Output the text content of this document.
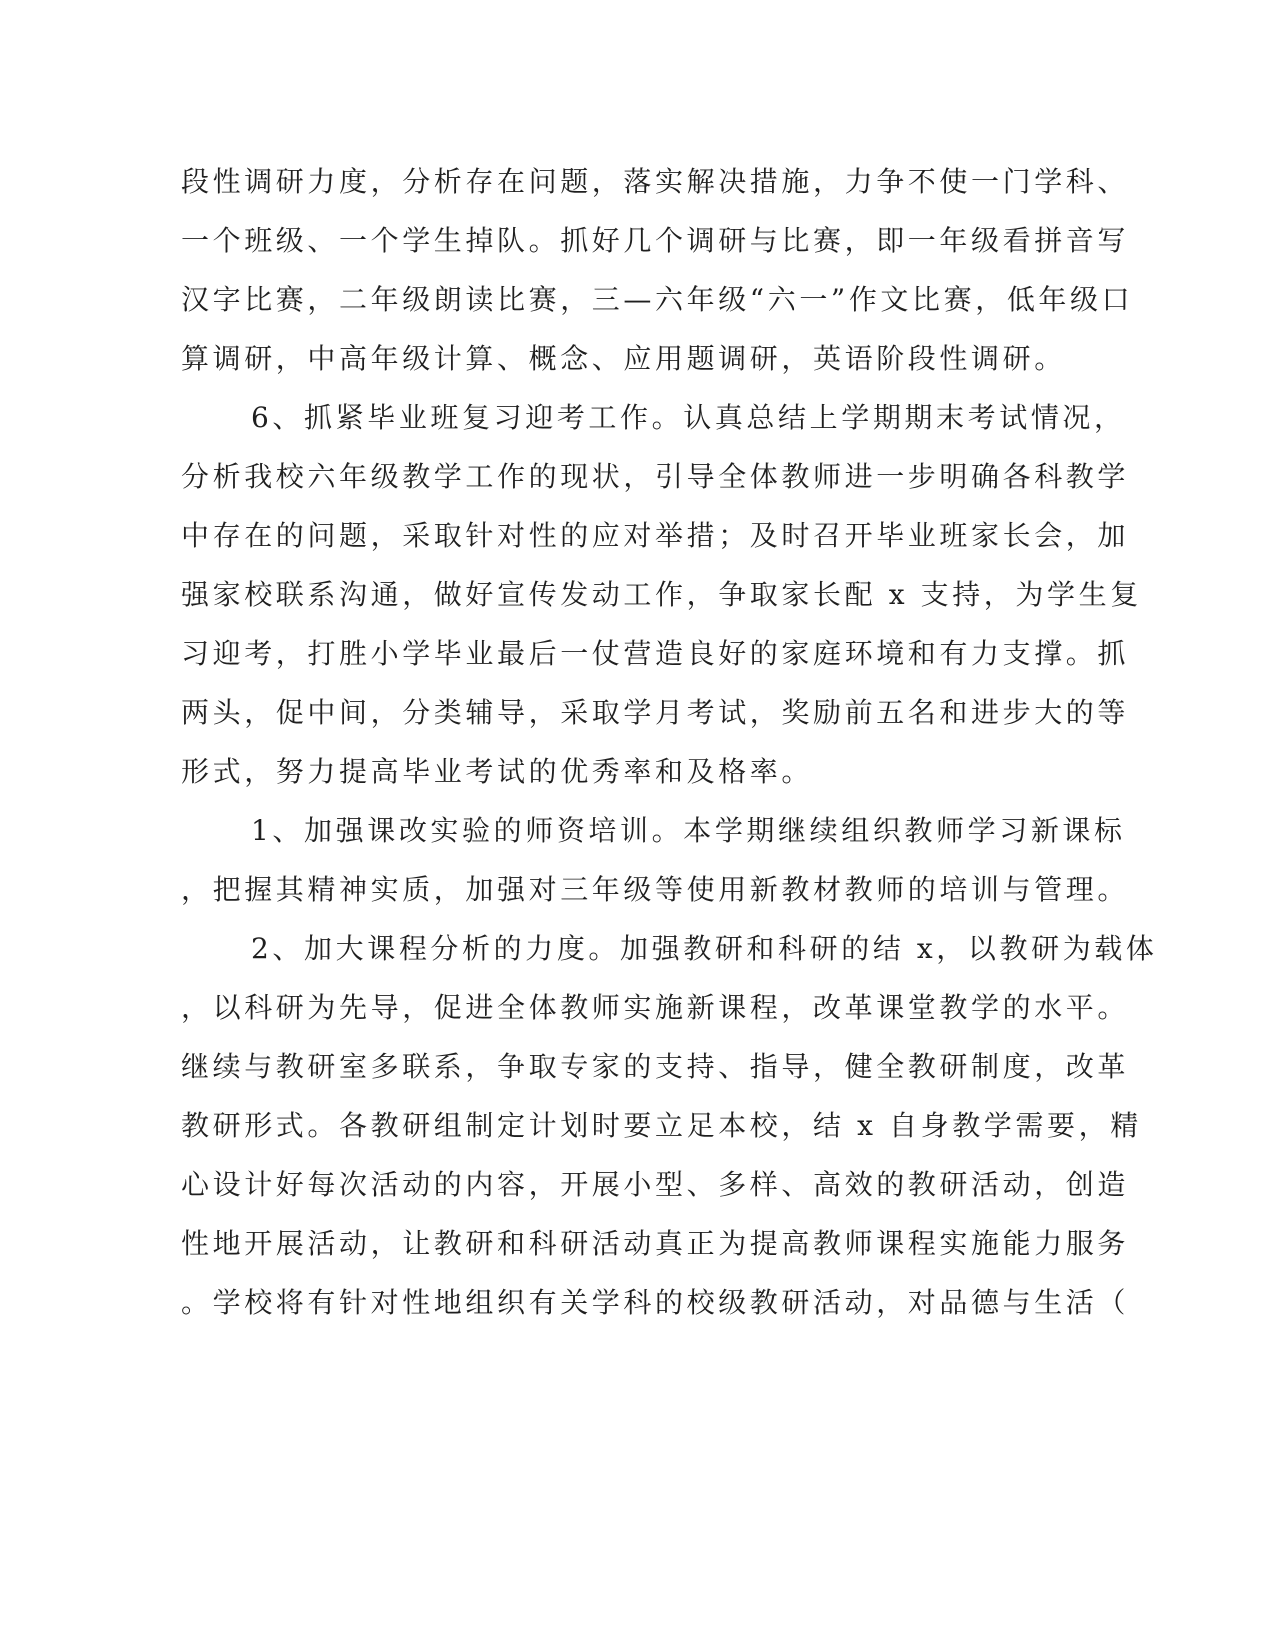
段性调研力度，分析存在问题，落实解决措施，力争不使一门学科、
一个班级、一个学生掉队。抓好几个调研与比赛，即一年级看拼音写
汉字比赛，二年级朗读比赛，三—六年级“六一”作文比赛，低年级口
算调研，中高年级计算、概念、应用题调研，英语阶段性调研。
6、抓紧毕业班复习迎考工作。认真总结上学期期末考试情况，
分析我校六年级教学工作的现状，引导全体教师进一步明确各科教学
中存在的问题，采取针对性的应对举措；及时召开毕业班家长会，加
强家校联系沟通，做好宣传发动工作，争取家长配 x 支持，为学生复
习迎考，打胜小学毕业最后一仗营造良好的家庭环境和有力支撑。抓
两头，促中间，分类辅导，采取学月考试，奖励前五名和进步大的等
形式，努力提高毕业考试的优秀率和及格率。
1、加强课改实验的师资培训。本学期继续组织教师学习新课标
，把握其精神实质，加强对三年级等使用新教材教师的培训与管理。
2、加大课程分析的力度。加强教研和科研的结 x，以教研为载体
，以科研为先导，促进全体教师实施新课程，改革课堂教学的水平。
继续与教研室多联系，争取专家的支持、指导，健全教研制度，改革
教研形式。各教研组制定计划时要立足本校，结 x 自身教学需要，精
心设计好每次活动的内容，开展小型、多样、高效的教研活动，创造
性地开展活动，让教研和科研活动真正为提高教师课程实施能力服务
。学校将有针对性地组织有关学科的校级教研活动，对品德与生活（
